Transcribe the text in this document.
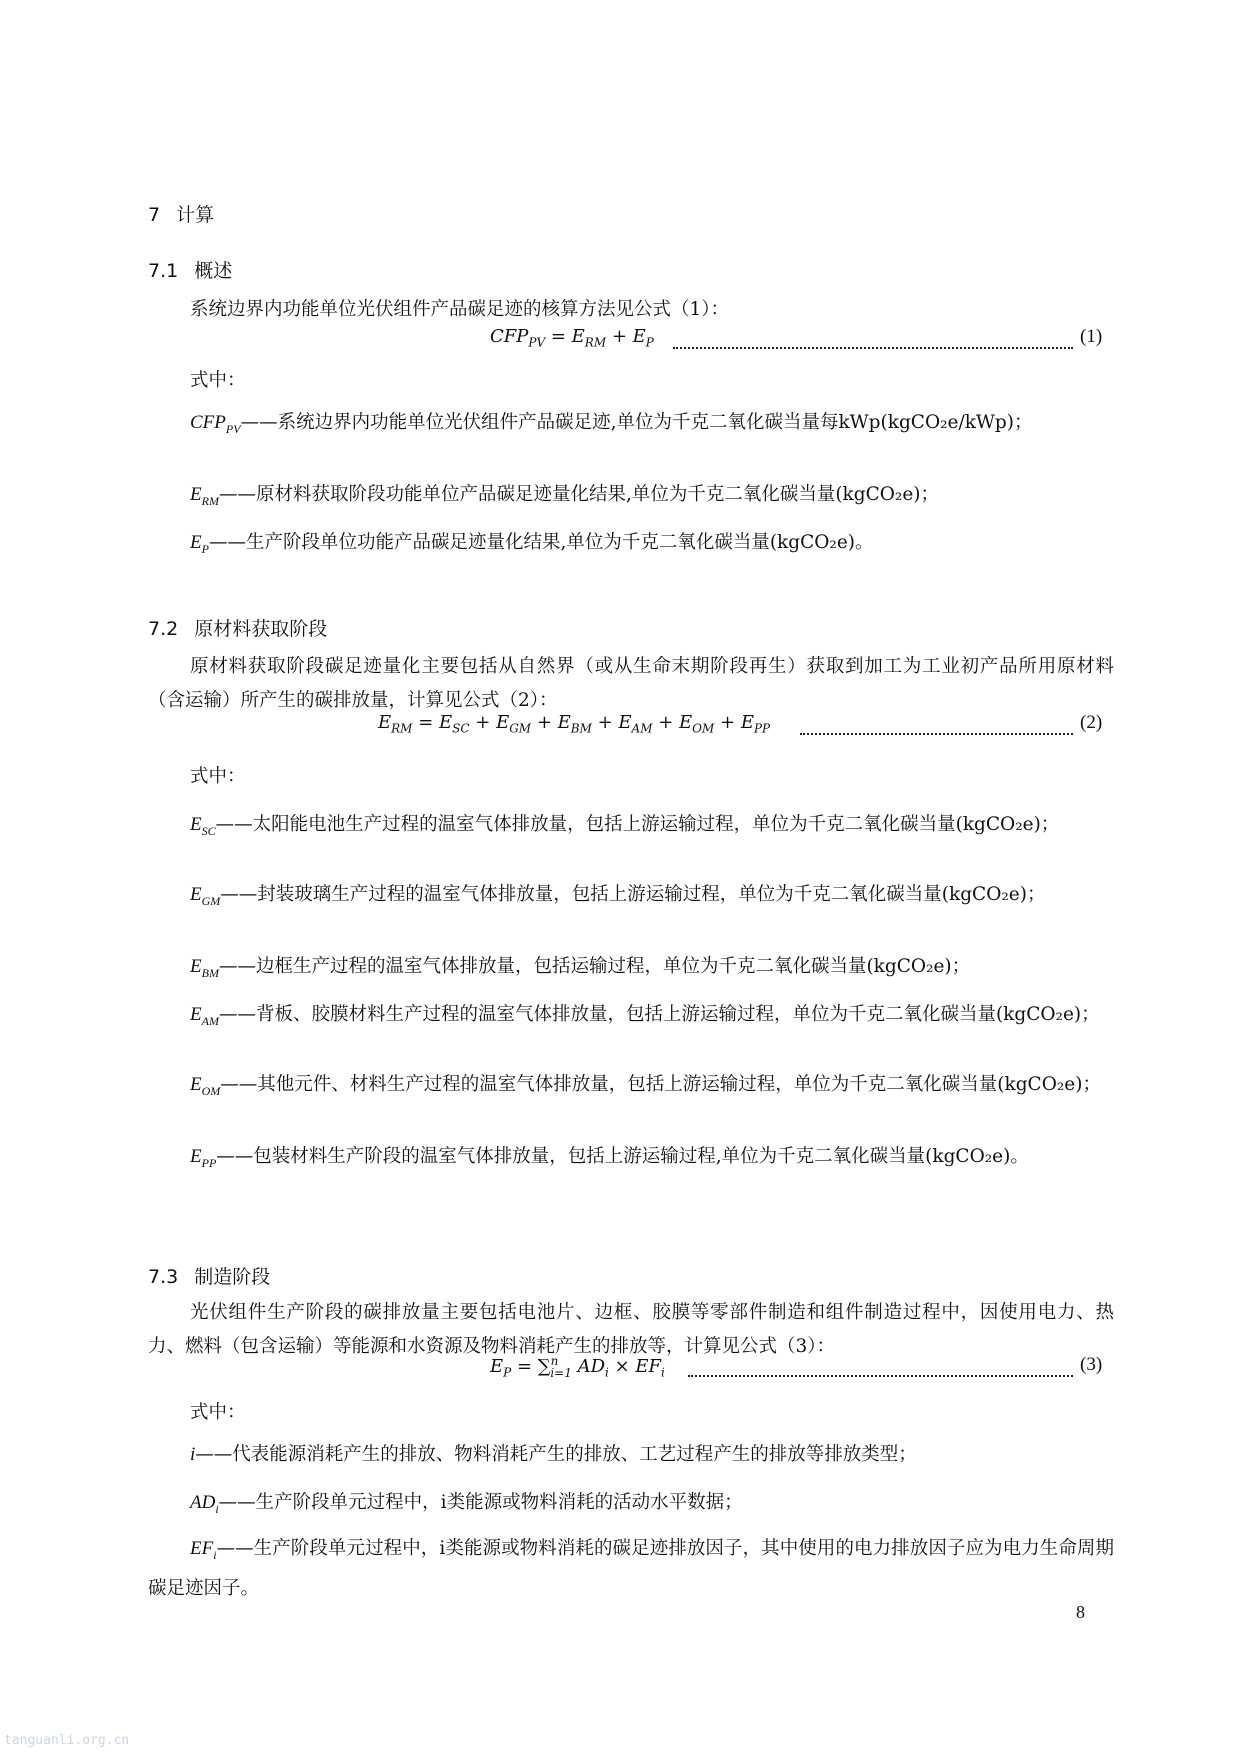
7 计算
7.1 概述
系统边界内功能单位光伏组件产品碳足迹的核算方法见公式（1）：
$CFP_{PV} = E_{RM} + E_P$	(1)
式中：
$CFP_{PV}——$系统边界内功能单位光伏组件产品碳足迹,单位为千克二氧化碳当量每kWp(kgCO₂e/kWp)；
$E_{RM}——$原材料获取阶段功能单位产品碳足迹量化结果,单位为千克二氧化碳当量(kgCO₂e)；
$E_P——$生产阶段单位功能产品碳足迹量化结果,单位为千克二氧化碳当量(kgCO₂e)。
7.2 原材料获取阶段
原材料获取阶段碳足迹量化主要包括从自然界（或从生命末期阶段再生）获取到加工为工业初产品所用原材料（含运输）所产生的碳排放量，计算见公式（2）：
$E_{RM} = E_{SC} + E_{GM} + E_{BM} + E_{AM} + E_{OM} + E_{PP}$	(2)
式中：
$E_{SC}——$太阳能电池生产过程的温室气体排放量，包括上游运输过程，单位为千克二氧化碳当量(kgCO₂e)；
$E_{GM}——$封装玻璃生产过程的温室气体排放量，包括上游运输过程，单位为千克二氧化碳当量(kgCO₂e)；
$E_{BM}——$边框生产过程的温室气体排放量，包括运输过程，单位为千克二氧化碳当量(kgCO₂e)；
$E_{AM}——$背板、胶膜材料生产过程的温室气体排放量，包括上游运输过程，单位为千克二氧化碳当量(kgCO₂e)；
$E_{OM}——$其他元件、材料生产过程的温室气体排放量，包括上游运输过程，单位为千克二氧化碳当量(kgCO₂e)；
$E_{PP}——$包装材料生产阶段的温室气体排放量，包括上游运输过程,单位为千克二氧化碳当量(kgCO₂e)。
7.3 制造阶段
光伏组件生产阶段的碳排放量主要包括电池片、边框、胶膜等零部件制造和组件制造过程中，因使用电力、热力、燃料（包含运输）等能源和水资源及物料消耗产生的排放等，计算见公式（3）：
$E_P = \sum^n_{i=1}$ $AD_i \times EF_i$	(3)
式中：
i——代表能源消耗产生的排放、物料消耗产生的排放、工艺过程产生的排放等排放类型；
$AD_i——$生产阶段单元过程中，i类能源或物料消耗的活动水平数据；
$EF_i——$生产阶段单元过程中，i类能源或物料消耗的碳足迹排放因子，其中使用的电力排放因子应为电力生命周期碳足迹因子。
8
tanguanli.org.cn
